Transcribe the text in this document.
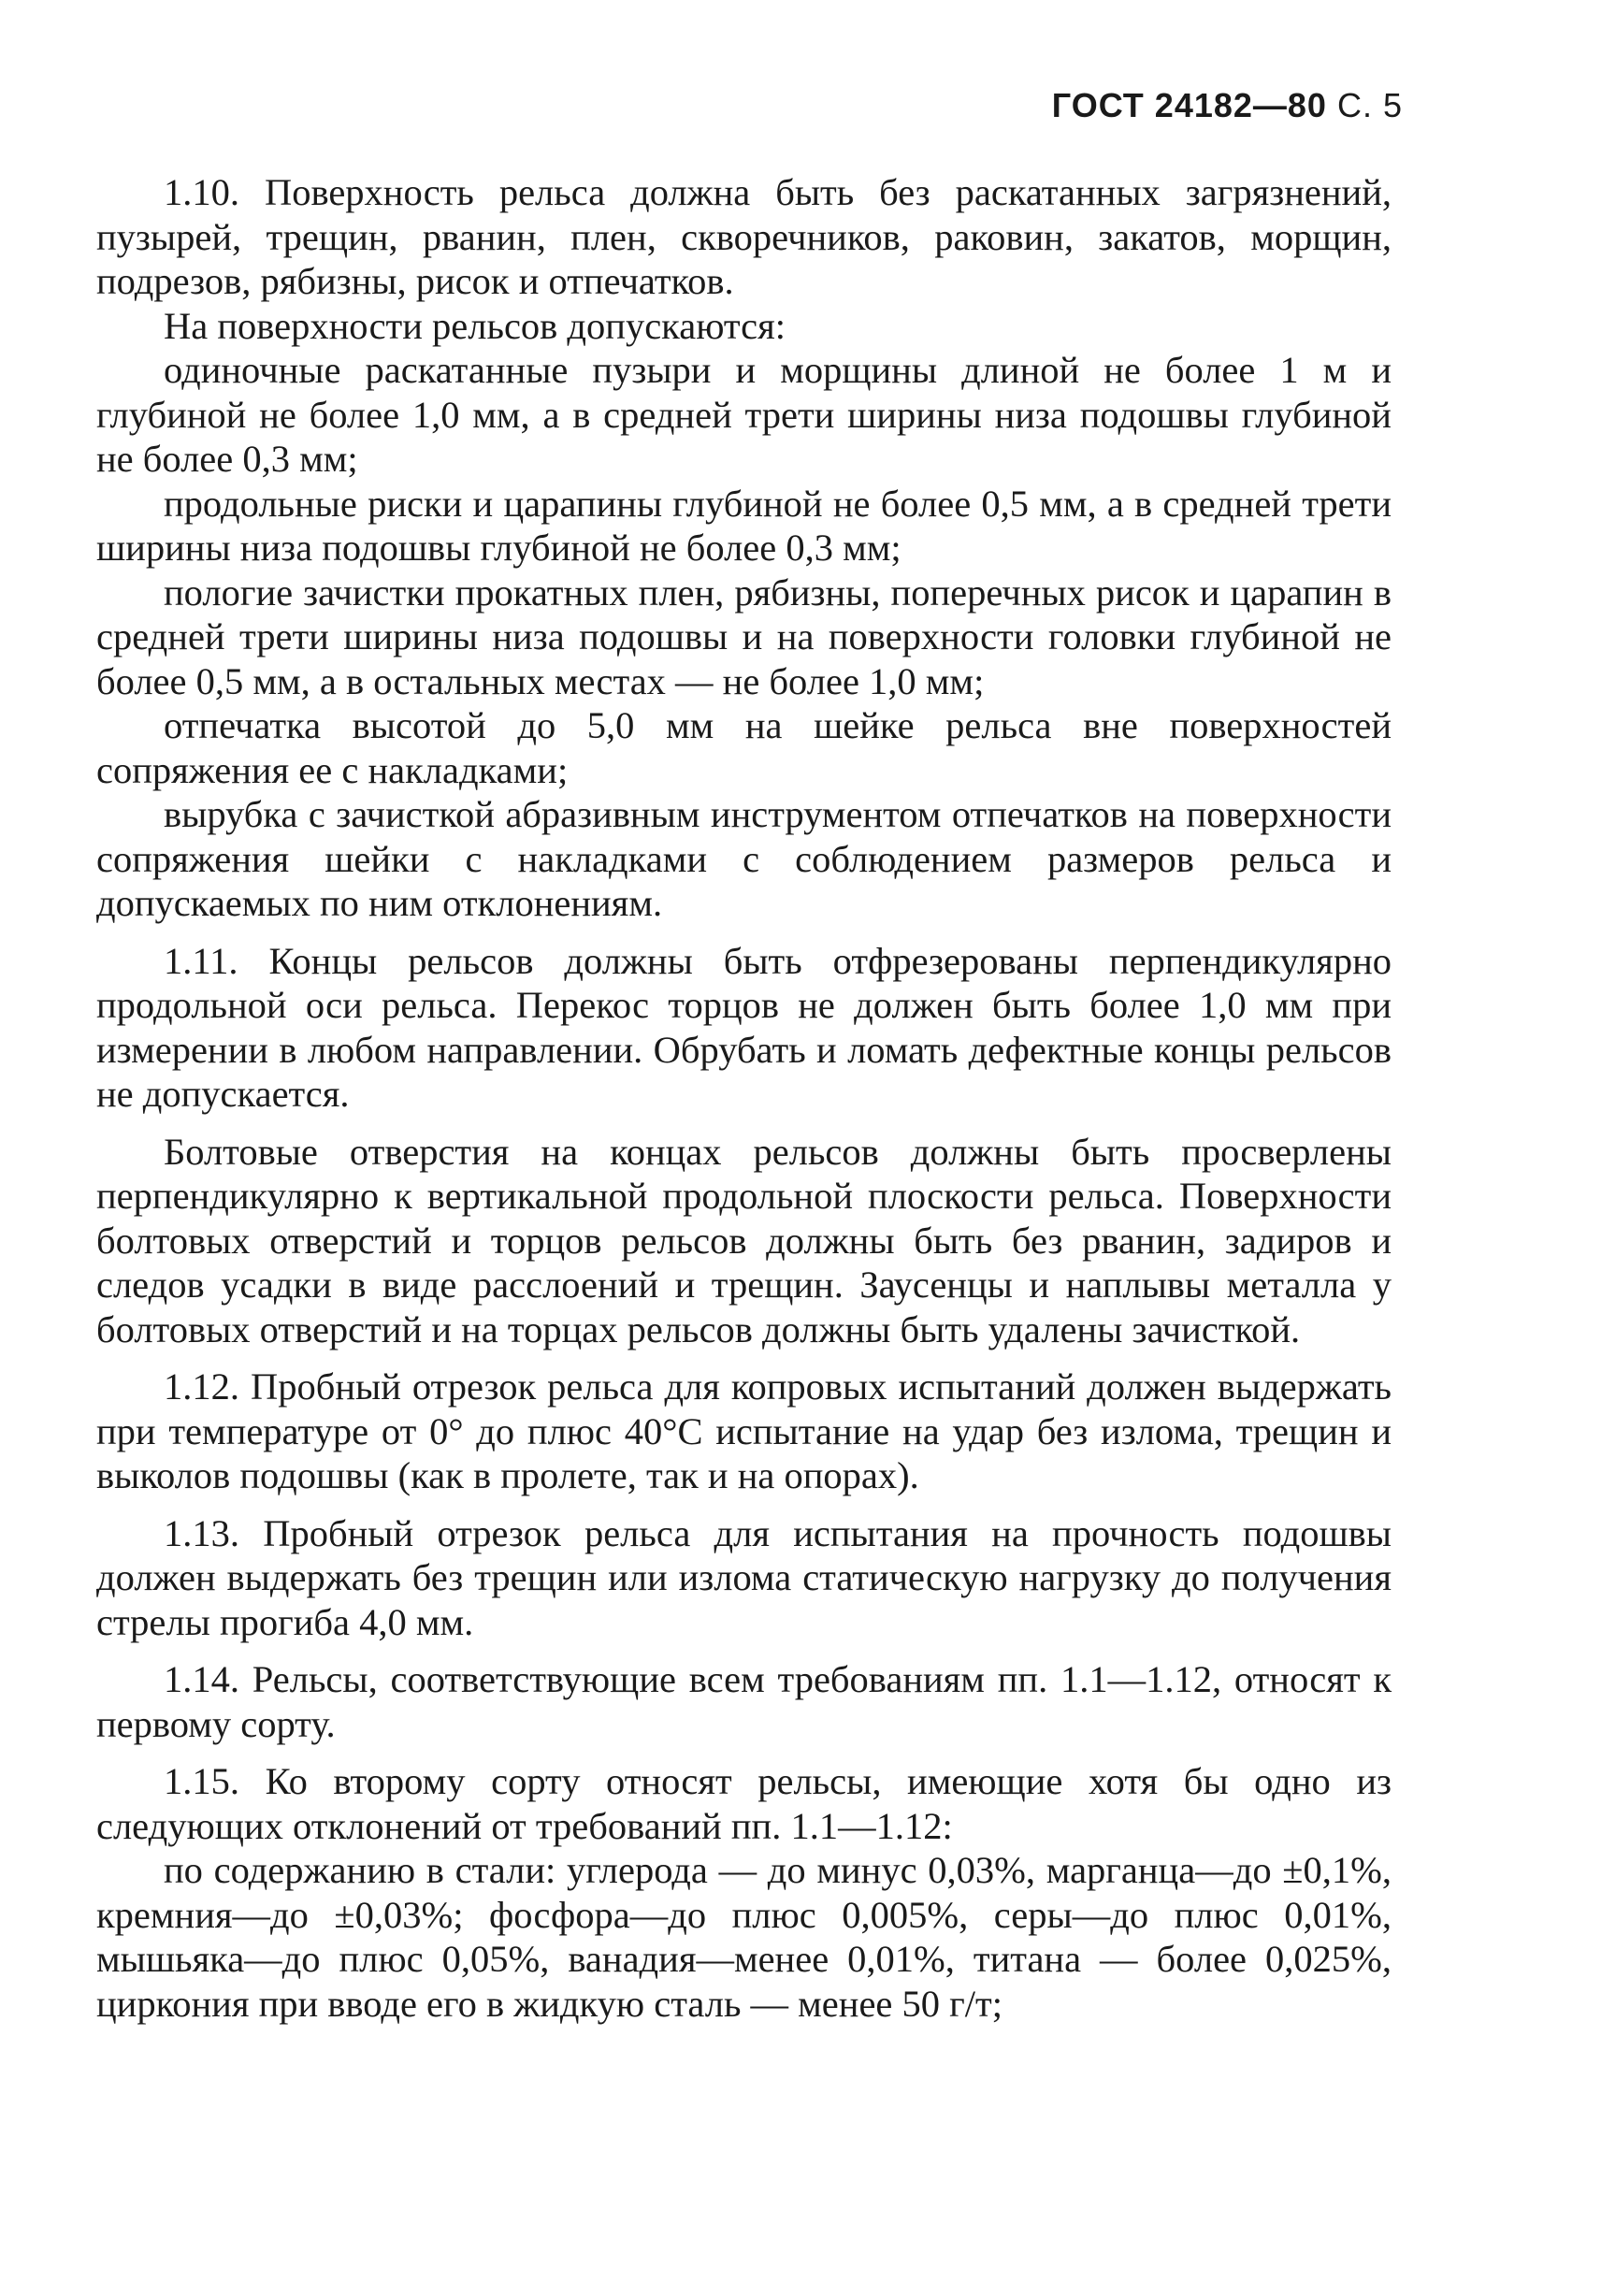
ГОСТ 24182—80 С. 5

1.10. Поверхность рельса должна быть без раскатанных загрязнений, пузырей, трещин, рванин, плен, скворечников, раковин, закатов, морщин, подрезов, рябизны, рисок и отпечатков.

На поверхности рельсов допускаются:

одиночные раскатанные пузыри и морщины длиной не более 1 м и глубиной не более 1,0 мм, а в средней трети ширины низа подошвы глубиной не более 0,3 мм;

продольные риски и царапины глубиной не более 0,5 мм, а в средней трети ширины низа подошвы глубиной не более 0,3 мм;

пологие зачистки прокатных плен, рябизны, поперечных рисок и царапин в средней трети ширины низа подошвы и на поверхности головки глубиной не более 0,5 мм, а в остальных местах — не более 1,0 мм;

отпечатка высотой до 5,0 мм на шейке рельса вне поверхностей сопряжения ее с накладками;

вырубка с зачисткой абразивным инструментом отпечатков на поверхности сопряжения шейки с накладками с соблюдением размеров рельса и допускаемых по ним отклонениям.

1.11. Концы рельсов должны быть отфрезерованы перпендикулярно продольной оси рельса. Перекос торцов не должен быть более 1,0 мм при измерении в любом направлении. Обрубать и ломать дефектные концы рельсов не допускается.

Болтовые отверстия на концах рельсов должны быть просверлены перпендикулярно к вертикальной продольной плоскости рельса. Поверхности болтовых отверстий и торцов рельсов должны быть без рванин, задиров и следов усадки в виде расслоений и трещин. Заусенцы и наплывы металла у болтовых отверстий и на торцах рельсов должны быть удалены зачисткой.

1.12. Пробный отрезок рельса для копровых испытаний должен выдержать при температуре от 0° до плюс 40°C испытание на удар без излома, трещин и выколов подошвы (как в пролете, так и на опорах).

1.13. Пробный отрезок рельса для испытания на прочность подошвы должен выдержать без трещин или излома статическую нагрузку до получения стрелы прогиба 4,0 мм.

1.14. Рельсы, соответствующие всем требованиям пп. 1.1—1.12, относят к первому сорту.

1.15. Ко второму сорту относят рельсы, имеющие хотя бы одно из следующих отклонений от требований пп. 1.1—1.12:

по содержанию в стали: углерода — до минус 0,03%, марганца—до ±0,1%, кремния—до ±0,03%; фосфора—до плюс 0,005%, серы—до плюс 0,01%, мышьяка—до плюс 0,05%, ванадия—менее 0,01%, титана — более 0,025%, циркония при вводе его в жидкую сталь — менее 50 г/т;
